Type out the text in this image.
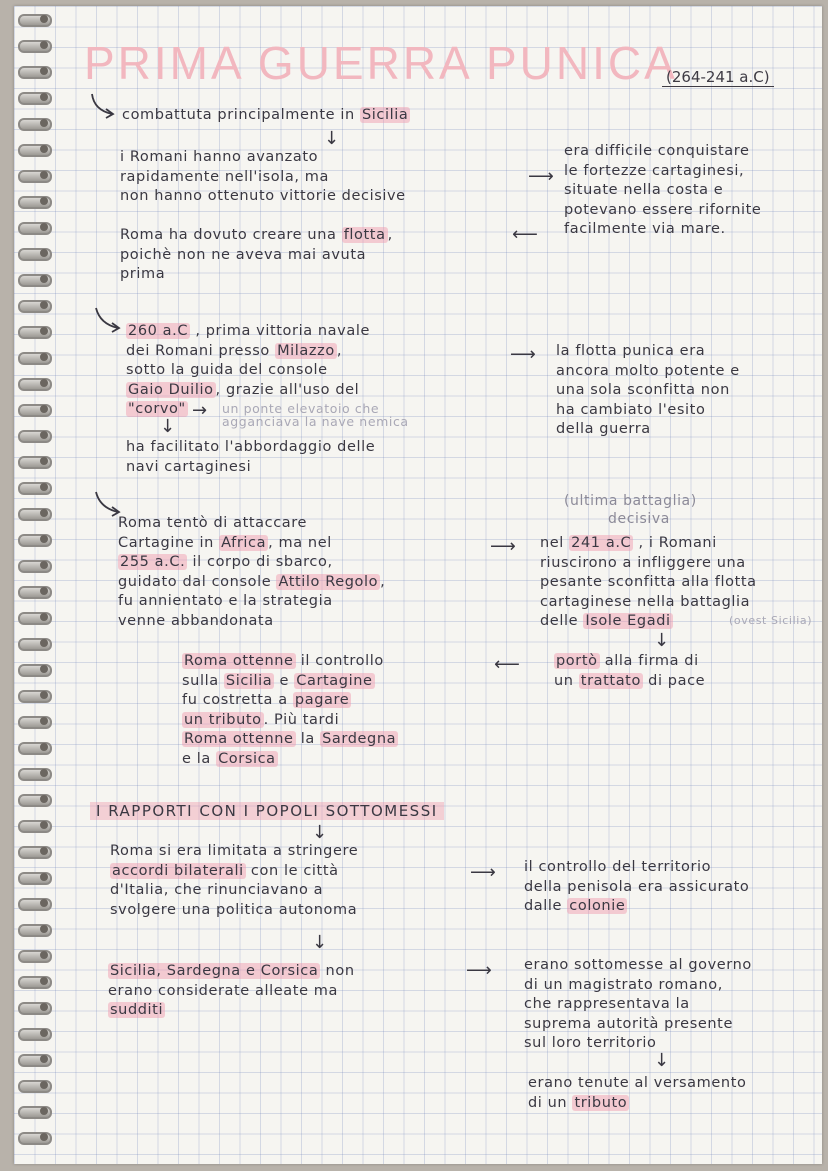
PRIMA GUERRA PUNICA
(264-241 a.C)
combattuta principalmente in Sicilia
↓
i Romani hanno avanzato
rapidamente nell'isola, ma
non hanno ottenuto vittorie decisive
⟶
era difficile conquistare
le fortezze cartaginesi,
situate nella costa e
potevano essere rifornite
facilmente via mare.
⟵
Roma ha dovuto creare una flotta ,
poichè non ne aveva mai avuta
prima
260 a.C , prima vittoria navale
dei Romani presso Milazzo ,
sotto la guida del console
Gaio Duilio , grazie all'uso del
"corvo" → un ponte elevatoio che
agganciava la nave nemica
↓
ha facilitato l'abbordaggio delle
navi cartaginesi
⟶ la flotta punica era
ancora molto potente e
una sola sconfitta non
ha cambiato l'esito
della guerra
Roma tentò di attaccare
Cartagine in Africa , ma nel
255 a.C. il corpo di sbarco,
guidato dal console Attilo Regolo ,
fu annientato e la strategia
venne abbandonata
(ultima battaglia)
decisiva
⟶ nel 241 a.C , i Romani
riuscirono a infliggere una
pesante sconfitta alla flotta
cartaginese nella battaglia
delle Isole Egadi	(ovest Sicilia)
↓
portò alla firma di
un trattato di pace
⟵
Roma ottenne il controllo
sulla Sicilia e Cartagine
fu costretta a pagare
un tributo . Più tardi
Roma ottenne la Sardegna
e la Corsica
I RAPPORTI CON I POPOLI SOTTOMESSI
↓
Roma si era limitata a stringere
accordi bilaterali con le città
d'Italia, che rinunciavano a
svolgere una politica autonoma
⟶ il controllo del territorio
della penisola era assicurato
dalle colonie
↓
Sicilia, Sardegna e Corsica non
erano considerate alleate ma
sudditi
⟶ erano sottomesse al governo
di un magistrato romano,
che rappresentava la
suprema autorità presente
sul loro territorio
↓
erano tenute al versamento
di un tributo
